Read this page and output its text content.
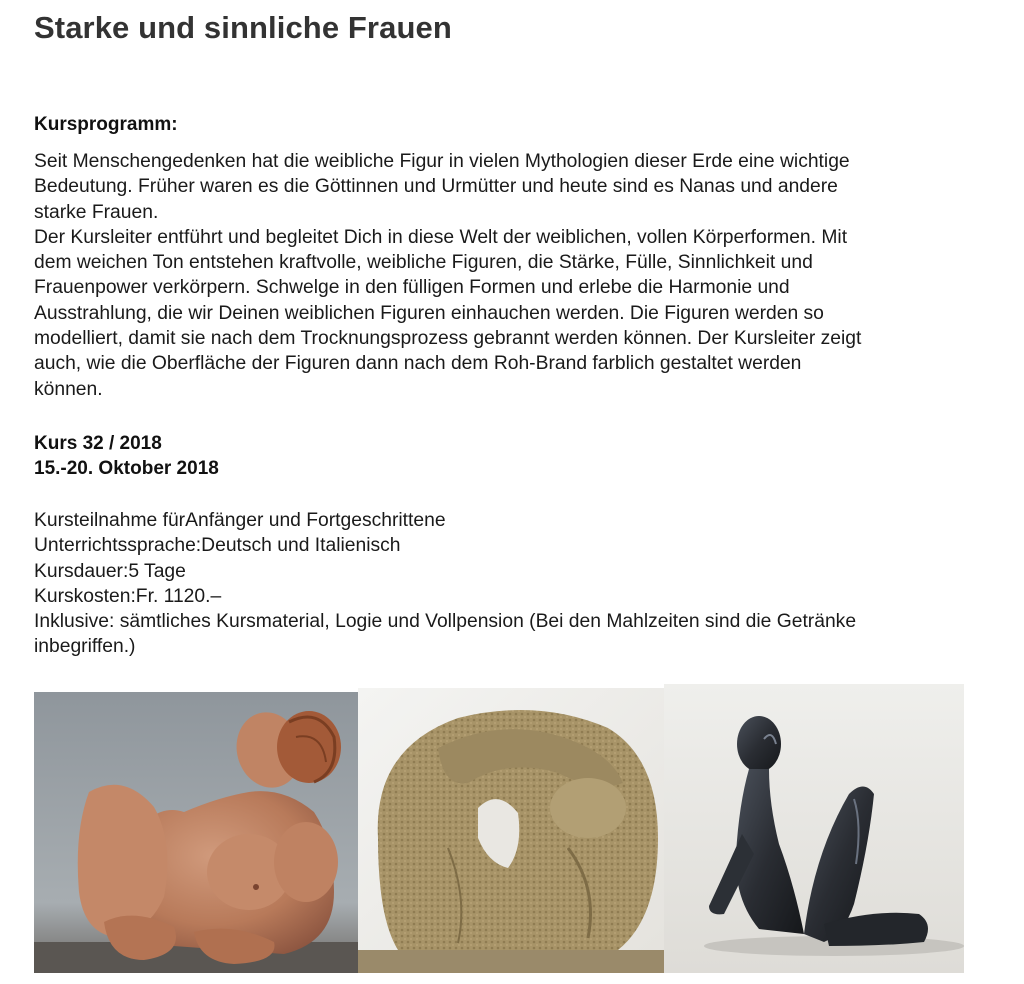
Starke und sinnliche Frauen
Kursprogramm:
Seit Menschengedenken hat die weibliche Figur in vielen Mythologien dieser Erde eine wichtige
Bedeutung. Früher waren es die Göttinnen und Urmütter und heute sind es Nanas und andere
starke Frauen.
Der Kursleiter entführt und begleitet Dich in diese Welt der weiblichen, vollen Körperformen. Mit
dem weichen Ton entstehen kraftvolle, weibliche Figuren, die Stärke, Fülle, Sinnlichkeit und
Frauenpower verkörpern. Schwelge in den fülligen Formen und erlebe die Harmonie und
Ausstrahlung, die wir Deinen weiblichen Figuren einhauchen werden. Die Figuren werden so
modelliert, damit sie nach dem Trocknungsprozess gebrannt werden können. Der Kursleiter zeigt
auch, wie die Oberfläche der Figuren dann nach dem Roh-Brand farblich gestaltet werden
können.
Kurs 32 / 2018
15.-20. Oktober 2018
Kursteilnahme fürAnfänger und Fortgeschrittene
Unterrichtssprache:Deutsch und Italienisch
Kursdauer:5 Tage
Kurskosten:Fr. 1120.–
Inklusive: sämtliches Kursmaterial, Logie und Vollpension (Bei den Mahlzeiten sind die Getränke
inbegriffen.)
